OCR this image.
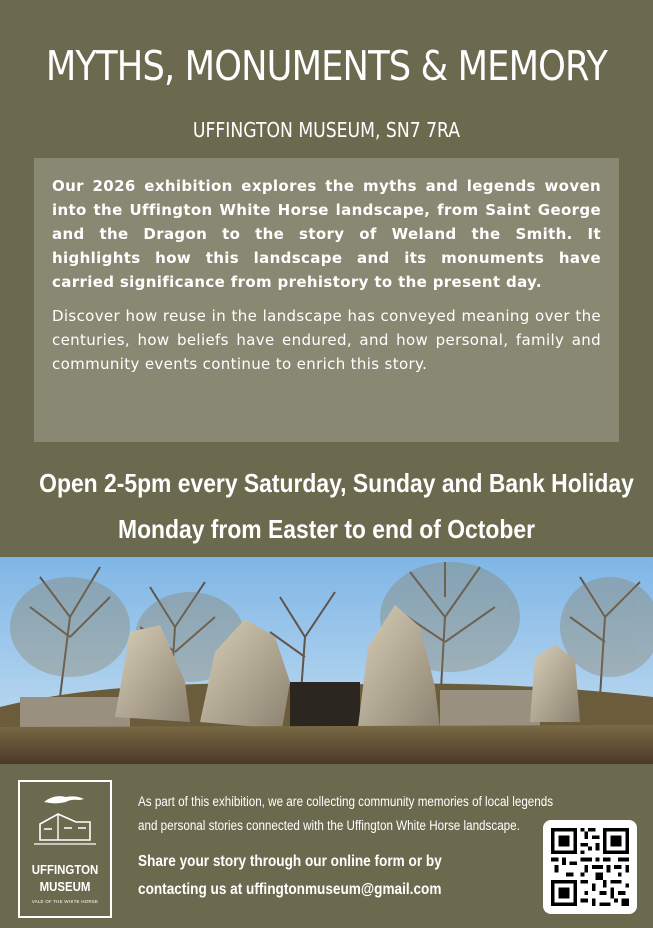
MYTHS, MONUMENTS & MEMORY
UFFINGTON MUSEUM, SN7 7RA

Our 2026 exhibition explores the myths and legends woven into the Uffington White Horse landscape, from Saint George and the Dragon to the story of Weland the Smith. It highlights how this landscape and its monuments have carried significance from prehistory to the present day.

Discover how reuse in the landscape has conveyed meaning over the centuries, how beliefs have endured, and how personal, family and community events continue to enrich this story.

Open 2-5pm every Saturday, Sunday and Bank Holiday
Monday from Easter to end of October
UFFINGTON
MUSEUM
VALE OF THE WHITE HORSE
As part of this exhibition, we are collecting community memories of local legends
and personal stories connected with the Uffington White Horse landscape.
Share your story through our online form or by
contacting us at uffingtonmuseum@gmail.com
